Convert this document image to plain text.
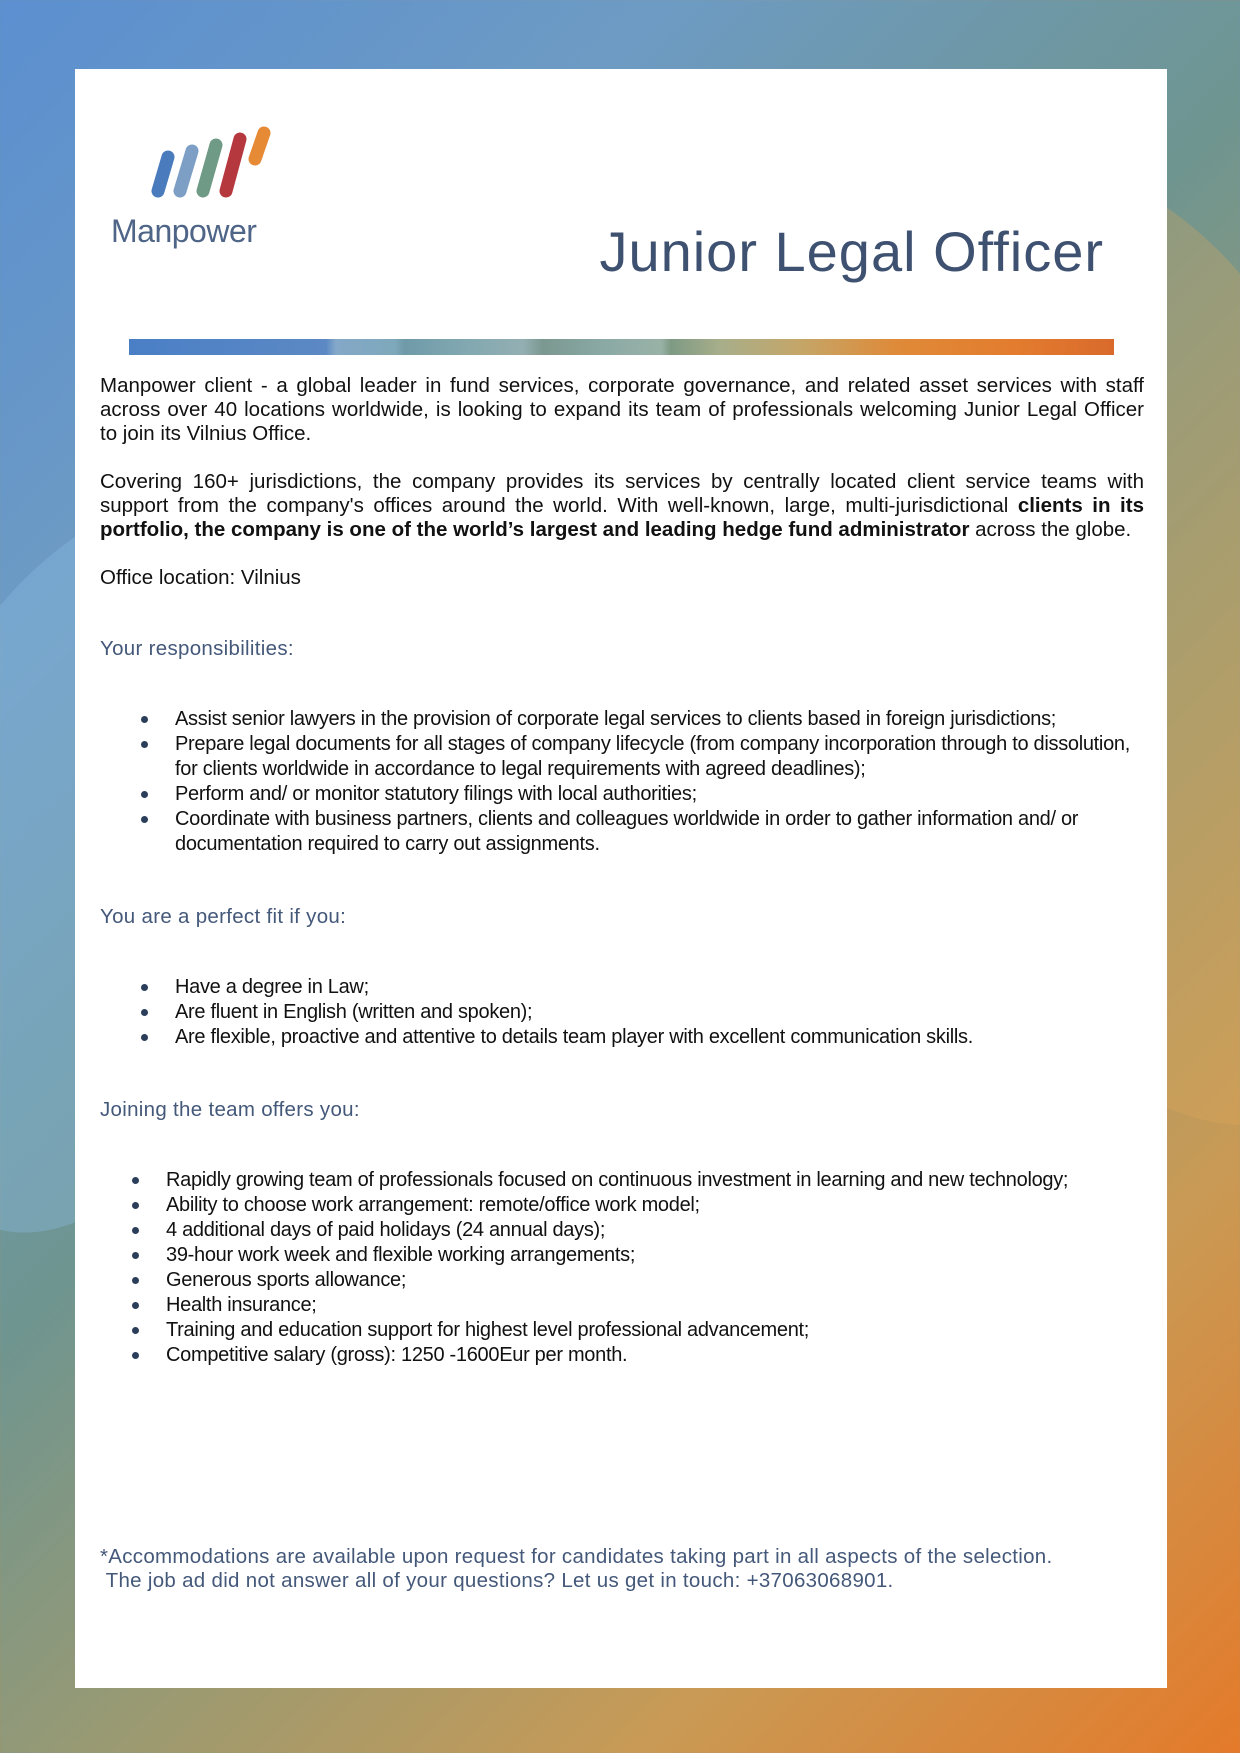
Manpower	Junior Legal Officer

Manpower client - a global leader in fund services, corporate governance, and related asset services with staff across over 40 locations worldwide, is looking to expand its team of professionals welcoming Junior Legal Officer to join its Vilnius Office.

Covering 160+ jurisdictions, the company provides its services by centrally located client service teams with support from the company's offices around the world. With well-known, large, multi-jurisdictional clients in its portfolio, the company is one of the world’s largest and leading hedge fund administrator across the globe.

Office location: Vilnius

Your responsibilities:
Assist senior lawyers in the provision of corporate legal services to clients based in foreign jurisdictions;
Prepare legal documents for all stages of company lifecycle (from company incorporation through to dissolution, for clients worldwide in accordance to legal requirements with agreed deadlines);
Perform and/ or monitor statutory filings with local authorities;
Coordinate with business partners, clients and colleagues worldwide in order to gather information and/ or documentation required to carry out assignments.
You are a perfect fit if you:
Have a degree in Law;
Are fluent in English (written and spoken);
Are flexible, proactive and attentive to details team player with excellent communication skills.
Joining the team offers you:
Rapidly growing team of professionals focused on continuous investment in learning and new technology;
Ability to choose work arrangement: remote/office work model;
4 additional days of paid holidays (24 annual days);
39-hour work week and flexible working arrangements;
Generous sports allowance;
Health insurance;
Training and education support for highest level professional advancement;
Competitive salary (gross): 1250 -1600Eur per month.
*Accommodations are available upon request for candidates taking part in all aspects of the selection.
The job ad did not answer all of your questions? Let us get in touch: +37063068901.
